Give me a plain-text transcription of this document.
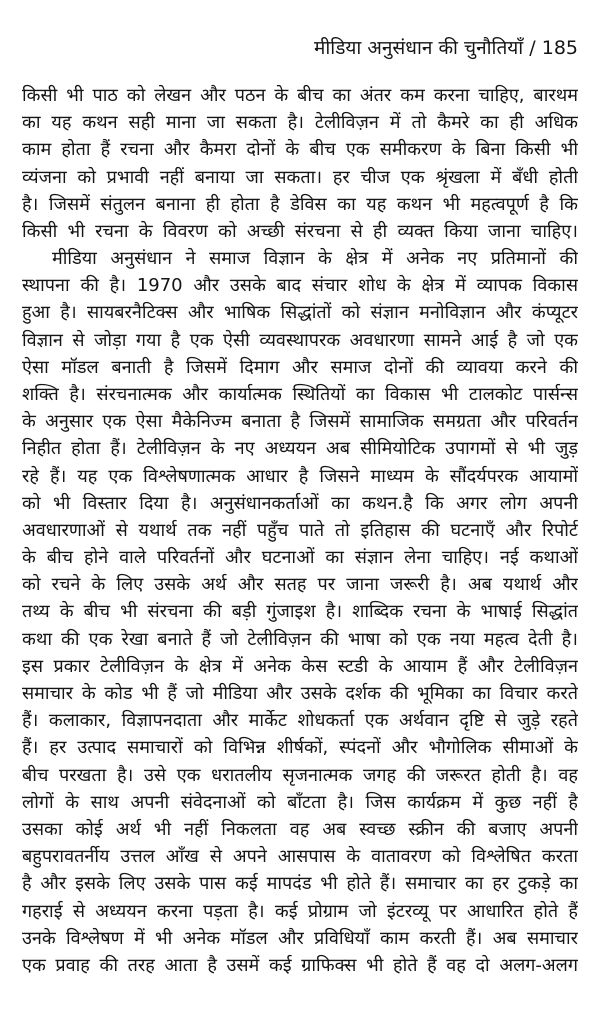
मीडिया अनुसंधान की चुनौतियाँ / 185
किसी भी पाठ को लेखन और पठन के बीच का अंतर कम करना चाहिए, बारथम
का यह कथन सही माना जा सकता है। टेलीविज़न में तो कैमरे का ही अधिक
काम होता हैं रचना और कैमरा दोनों के बीच एक समीकरण के बिना किसी भी
व्यंजना को प्रभावी नहीं बनाया जा सकता। हर चीज एक श्रृंखला में बँधी होती
है। जिसमें संतुलन बनाना ही होता है डेविस का यह कथन भी महत्वपूर्ण है कि
किसी भी रचना के विवरण को अच्छी संरचना से ही व्यक्त किया जाना चाहिए।
मीडिया अनुसंधान ने समाज विज्ञान के क्षेत्र में अनेक नए प्रतिमानों की
स्थापना की है। 1970 और उसके बाद संचार शोध के क्षेत्र में व्यापक विकास
हुआ है। सायबरनैटिक्स और भाषिक सिद्धांतों को संज्ञान मनोविज्ञान और कंप्यूटर
विज्ञान से जोड़ा गया है एक ऐसी व्यवस्थापरक अवधारणा सामने आई है जो एक
ऐसा मॉडल बनाती है जिसमें दिमाग और समाज दोनों की व्यावया करने की
शक्ति है। संरचनात्मक और कार्यात्मक स्थितियों का विकास भी टालकोट पार्सन्स
के अनुसार एक ऐसा मैकेनिज्म बनाता है जिसमें सामाजिक समग्रता और परिवर्तन
निहीत होता हैं। टेलीविज़न के नए अध्ययन अब सीमियोटिक उपागमों से भी जुड़
रहे हैं। यह एक विश्लेषणात्मक आधार है जिसने माध्यम के सौंदर्यपरक आयामों
को भी विस्तार दिया है। अनुसंधानकर्ताओं का कथन.है कि अगर लोग अपनी
अवधारणाओं से यथार्थ तक नहीं पहुँच पाते तो इतिहास की घटनाएँ और रिपोर्ट
के बीच होने वाले परिवर्तनों और घटनाओं का संज्ञान लेना चाहिए। नई कथाओं
को रचने के लिए उसके अर्थ और सतह पर जाना जरूरी है। अब यथार्थ और
तथ्य के बीच भी संरचना की बड़ी गुंजाइश है। शाब्दिक रचना के भाषाई सिद्धांत
कथा की एक रेखा बनाते हैं जो टेलीविज़न की भाषा को एक नया महत्व देती है।
इस प्रकार टेलीविज़न के क्षेत्र में अनेक केस स्टडी के आयाम हैं और टेलीविज़न
समाचार के कोड भी हैं जो मीडिया और उसके दर्शक की भूमिका का विचार करते
हैं। कलाकार, विज्ञापनदाता और मार्केट शोधकर्ता एक अर्थवान दृष्टि से जुड़े रहते
हैं। हर उत्पाद समाचारों को विभिन्न शीर्षकों, स्पंदनों और भौगोलिक सीमाओं के
बीच परखता है। उसे एक धरातलीय सृजनात्मक जगह की जरूरत होती है। वह
लोगों के साथ अपनी संवेदनाओं को बाँटता है। जिस कार्यक्रम में कुछ नहीं है
उसका कोई अर्थ भी नहीं निकलता वह अब स्वच्छ स्क्रीन की बजाए अपनी
बहुपरावतर्नीय उत्तल आँख से अपने आसपास के वातावरण को विश्लेषित करता
है और इसके लिए उसके पास कई मापदंड भी होते हैं। समाचार का हर टुकड़े का
गहराई से अध्ययन करना पड़ता है। कई प्रोग्राम जो इंटरव्यू पर आधारित होते हैं
उनके विश्लेषण में भी अनेक मॉडल और प्रविधियाँ काम करती हैं। अब समाचार
एक प्रवाह की तरह आता है उसमें कई ग्राफिक्स भी होते हैं वह दो अलग-अलग
